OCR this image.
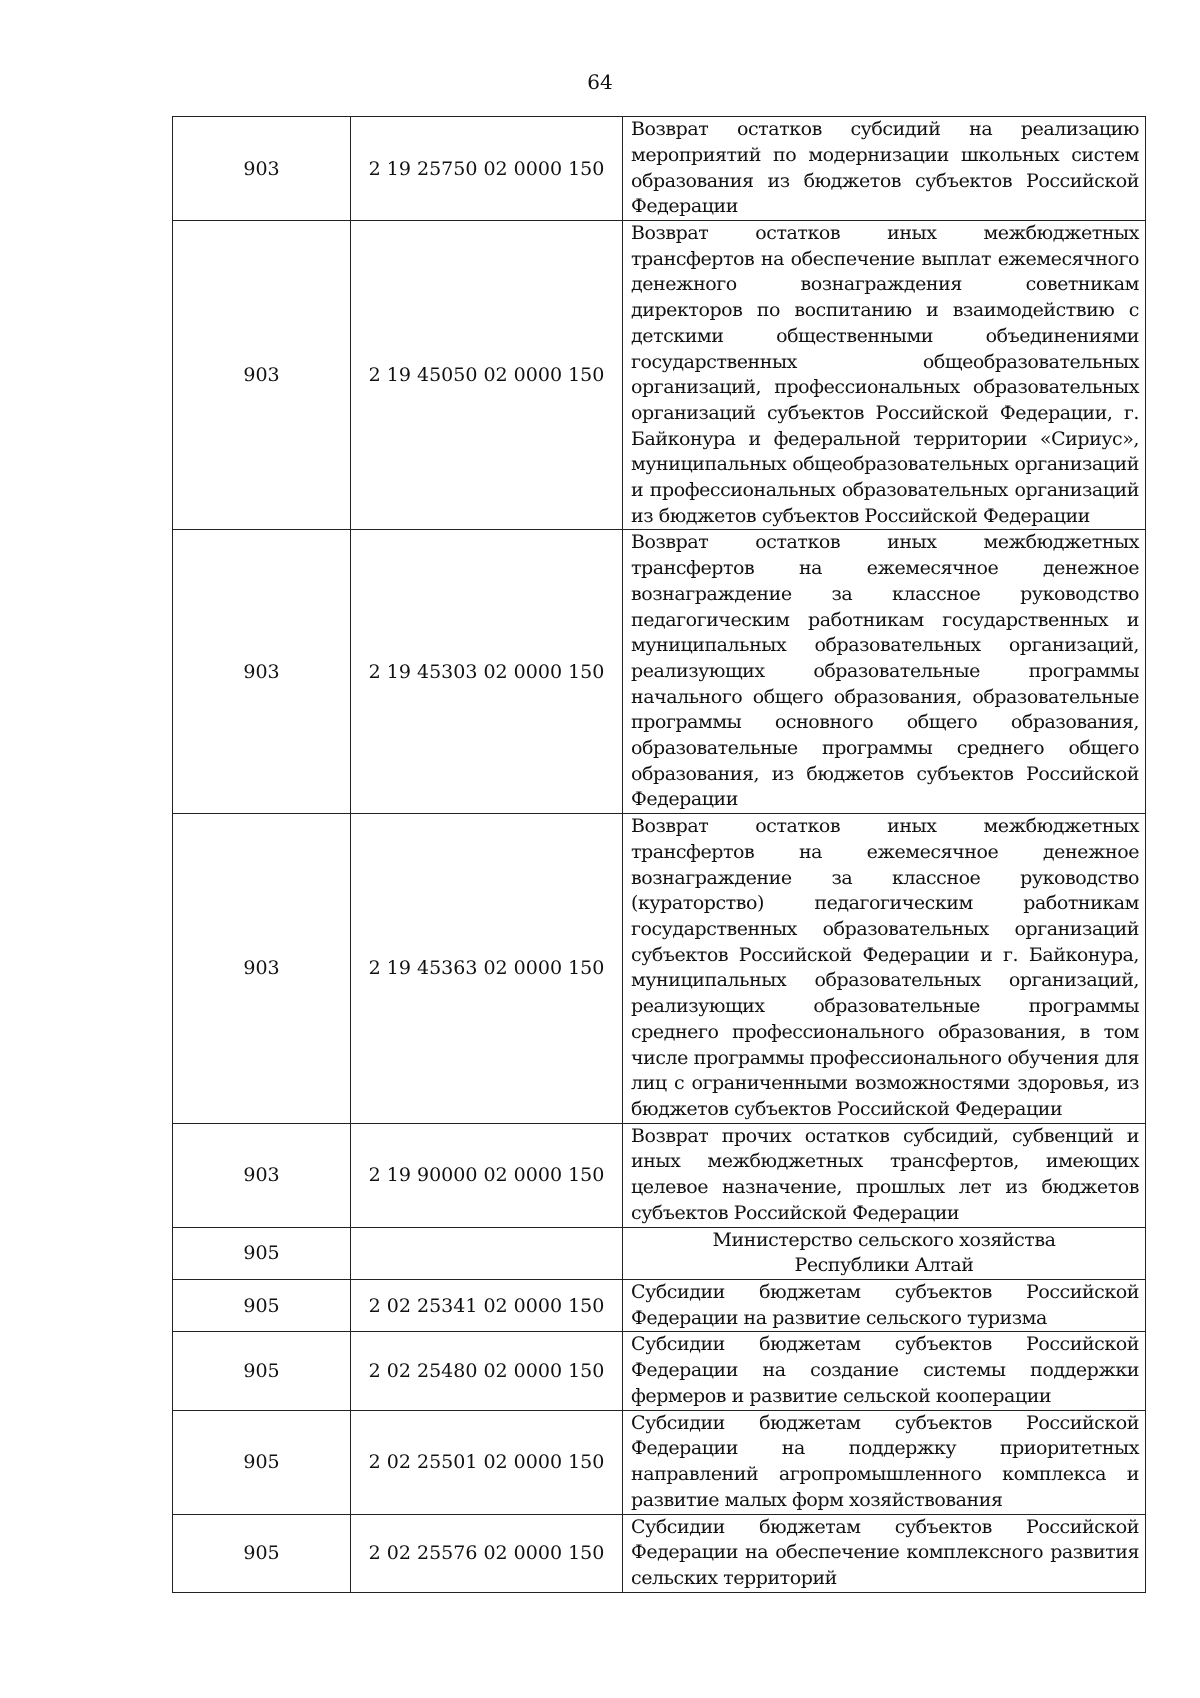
64
903	2 19 25750 02 0000 150	Возврат остатков субсидий на реализацию мероприятий по модернизации школьных систем образования из бюджетов субъектов Российской Федерации
903	2 19 45050 02 0000 150	Возврат остатков иных межбюджетных трансфертов на обеспечение выплат ежемесячного денежного вознаграждения советникам директоров по воспитанию и взаимодействию с детскими общественными объединениями государственных общеобразовательных организаций, профессиональных образовательных организаций субъектов Российской Федерации, г. Байконура и федеральной территории «Сириус», муниципальных общеобразовательных организаций и профессиональных образовательных организаций из бюджетов субъектов Российской Федерации
903	2 19 45303 02 0000 150	Возврат остатков иных межбюджетных трансфертов на ежемесячное денежное вознаграждение за классное руководство педагогическим работникам государственных и муниципальных образовательных организаций, реализующих образовательные программы начального общего образования, образовательные программы основного общего образования, образовательные программы среднего общего образования, из бюджетов субъектов Российской Федерации
903	2 19 45363 02 0000 150	Возврат остатков иных межбюджетных трансфертов на ежемесячное денежное вознаграждение за классное руководство (кураторство) педагогическим работникам государственных образовательных организаций субъектов Российской Федерации и г. Байконура, муниципальных образовательных организаций, реализующих образовательные программы среднего профессионального образования, в том числе программы профессионального обучения для лиц с ограниченными возможностями здоровья, из бюджетов субъектов Российской Федерации
903	2 19 90000 02 0000 150	Возврат прочих остатков субсидий, субвенций и иных межбюджетных трансфертов, имеющих целевое назначение, прошлых лет из бюджетов субъектов Российской Федерации
905		Министерство сельского хозяйства Республики Алтай
905	2 02 25341 02 0000 150	Субсидии бюджетам субъектов Российской Федерации на развитие сельского туризма
905	2 02 25480 02 0000 150	Субсидии бюджетам субъектов Российской Федерации на создание системы поддержки фермеров и развитие сельской кооперации
905	2 02 25501 02 0000 150	Субсидии бюджетам субъектов Российской Федерации на поддержку приоритетных направлений агропромышленного комплекса и развитие малых форм хозяйствования
905	2 02 25576 02 0000 150	Субсидии бюджетам субъектов Российской Федерации на обеспечение комплексного развития сельских территорий
